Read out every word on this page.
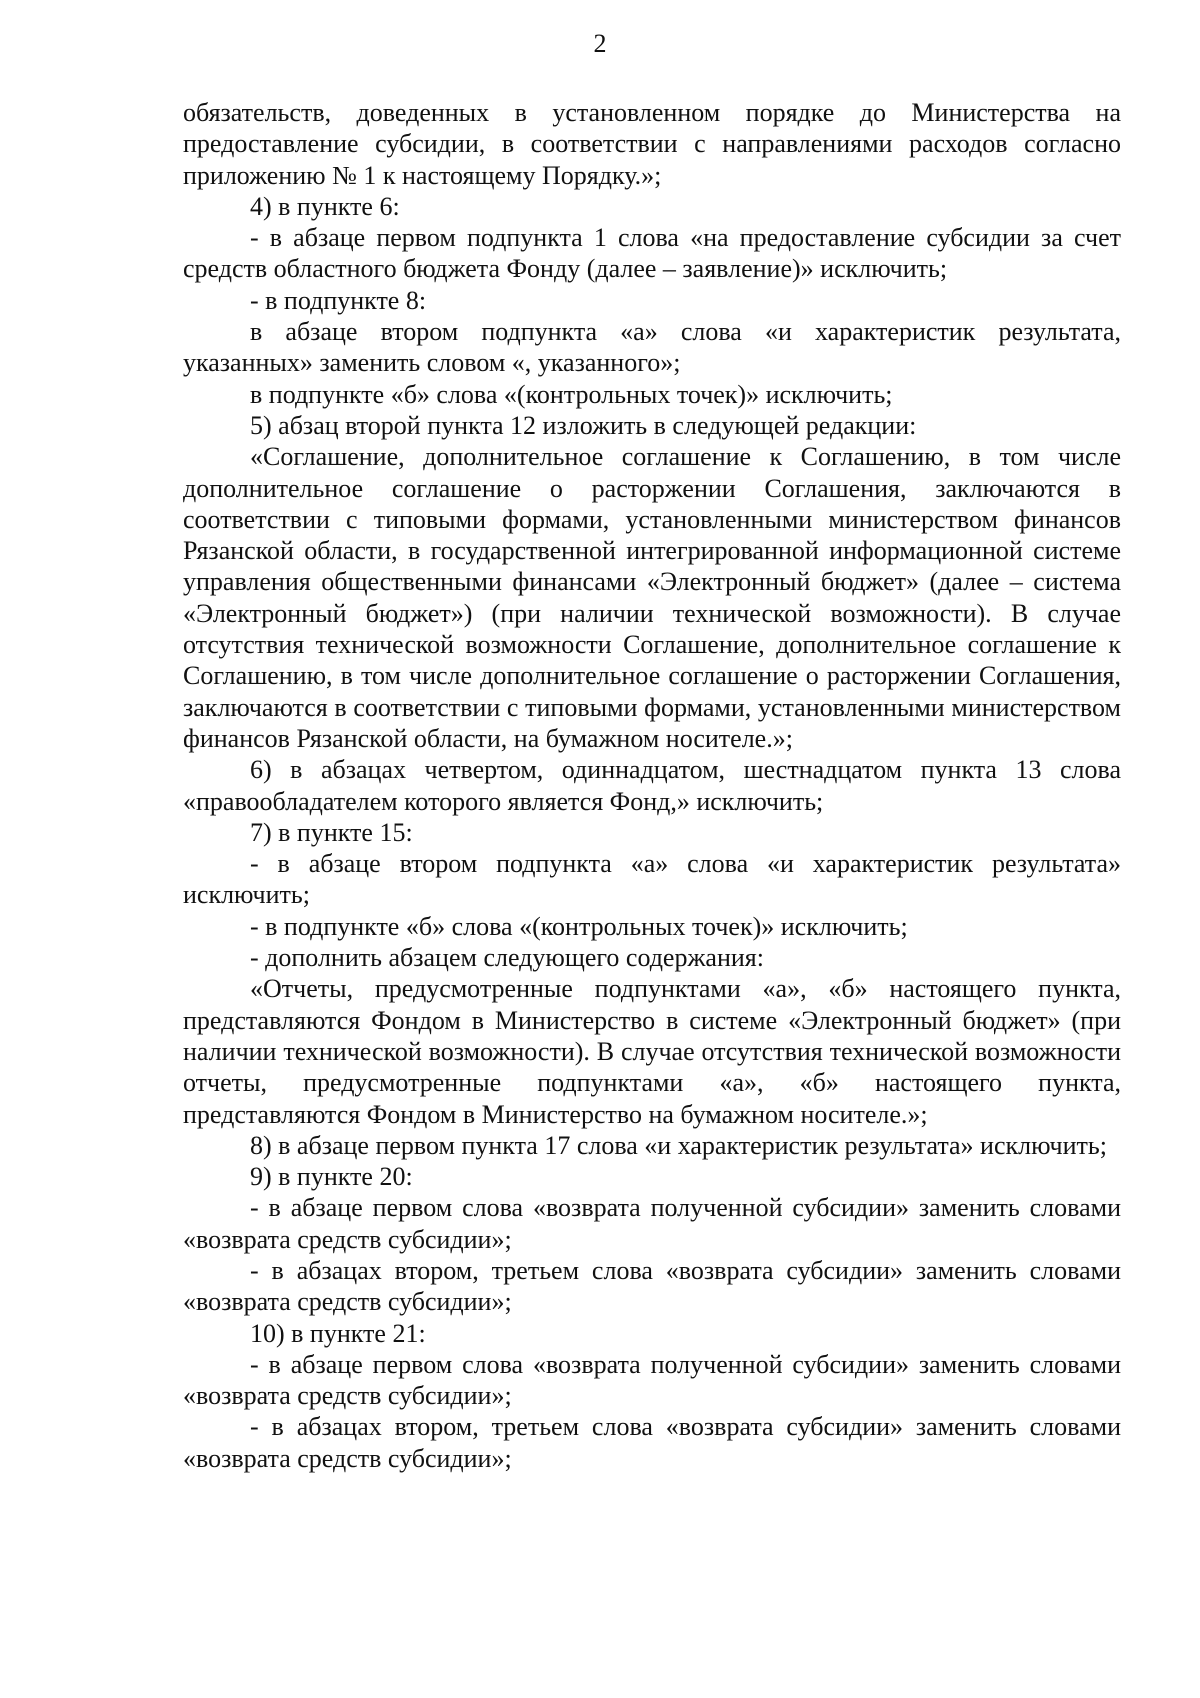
2

обязательств, доведенных в установленном порядке до Министерства на предоставление субсидии, в соответствии с направлениями расходов согласно приложению № 1 к настоящему Порядку.»;

4) в пункте 6:

- в абзаце первом подпункта 1 слова «на предоставление субсидии за счет средств областного бюджета Фонду (далее – заявление)» исключить;

- в подпункте 8:

в абзаце втором подпункта «а» слова «и характеристик результата, указанных» заменить словом «, указанного»;

в подпункте «б» слова «(контрольных точек)» исключить;

5) абзац второй пункта 12 изложить в следующей редакции:

«Соглашение, дополнительное соглашение к Соглашению, в том числе дополнительное соглашение о расторжении Соглашения, заключаются в соответствии с типовыми формами, установленными министерством финансов Рязанской области, в государственной интегрированной информационной системе управления общественными финансами «Электронный бюджет» (далее – система «Электронный бюджет») (при наличии технической возможности). В случае отсутствия технической возможности Соглашение, дополнительное соглашение к Соглашению, в том числе дополнительное соглашение о расторжении Соглашения, заключаются в соответствии с типовыми формами, установленными министерством финансов Рязанской области, на бумажном носителе.»;

6) в абзацах четвертом, одиннадцатом, шестнадцатом пункта 13 слова «правообладателем которого является Фонд,» исключить;

7) в пункте 15:

- в абзаце втором подпункта «а» слова «и характеристик результата» исключить;

- в подпункте «б» слова «(контрольных точек)» исключить;

- дополнить абзацем следующего содержания:

«Отчеты, предусмотренные подпунктами «а», «б» настоящего пункта, представляются Фондом в Министерство в системе «Электронный бюджет» (при наличии технической возможности). В случае отсутствия технической возможности отчеты, предусмотренные подпунктами «а», «б» настоящего пункта, представляются Фондом в Министерство на бумажном носителе.»;

8) в абзаце первом пункта 17 слова «и характеристик результата» исключить;

9) в пункте 20:

- в абзаце первом слова «возврата полученной субсидии» заменить словами «возврата средств субсидии»;

- в абзацах втором, третьем слова «возврата субсидии» заменить словами «возврата средств субсидии»;

10) в пункте 21:

- в абзаце первом слова «возврата полученной субсидии» заменить словами «возврата средств субсидии»;

- в абзацах втором, третьем слова «возврата субсидии» заменить словами «возврата средств субсидии»;
